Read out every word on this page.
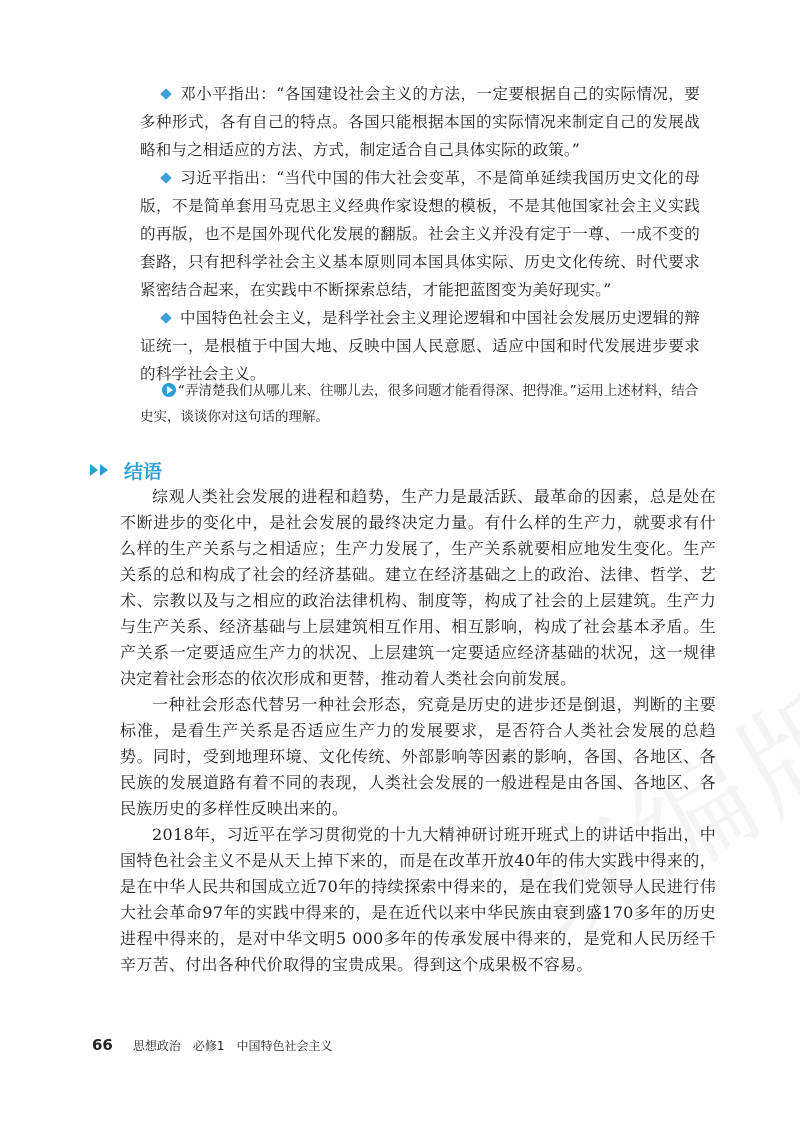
邓小平指出：“各国建设社会主义的方法，一定要根据自己的实际情况，要多种形式，各有自己的特点。各国只能根据本国的实际情况来制定自己的发展战略和与之相适应的方法、方式，制定适合自己具体实际的政策。”

习近平指出：“当代中国的伟大社会变革，不是简单延续我国历史文化的母版，不是简单套用马克思主义经典作家设想的模板，不是其他国家社会主义实践的再版，也不是国外现代化发展的翻版。社会主义并没有定于一尊、一成不变的套路，只有把科学社会主义基本原则同本国具体实际、历史文化传统、时代要求紧密结合起来，在实践中不断探索总结，才能把蓝图变为美好现实。”

中国特色社会主义，是科学社会主义理论逻辑和中国社会发展历史逻辑的辩证统一，是根植于中国大地、反映中国人民意愿、适应中国和时代发展进步要求的科学社会主义。

“弄清楚我们从哪儿来、往哪儿去，很多问题才能看得深、把得准。”运用上述材料，结合史实，谈谈你对这句话的理解。
结语

综观人类社会发展的进程和趋势，生产力是最活跃、最革命的因素，总是处在不断进步的变化中，是社会发展的最终决定力量。有什么样的生产力，就要求有什么样的生产关系与之相适应；生产力发展了，生产关系就要相应地发生变化。生产关系的总和构成了社会的经济基础。建立在经济基础之上的政治、法律、哲学、艺术、宗教以及与之相应的政治法律机构、制度等，构成了社会的上层建筑。生产力与生产关系、经济基础与上层建筑相互作用、相互影响，构成了社会基本矛盾。生产关系一定要适应生产力的状况、上层建筑一定要适应经济基础的状况，这一规律决定着社会形态的依次形成和更替，推动着人类社会向前发展。

一种社会形态代替另一种社会形态，究竟是历史的进步还是倒退，判断的主要标准，是看生产关系是否适应生产力的发展要求，是否符合人类社会发展的总趋势。同时，受到地理环境、文化传统、外部影响等因素的影响，各国、各地区、各民族的发展道路有着不同的表现，人类社会发展的一般进程是由各国、各地区、各民族历史的多样性反映出来的。

2018年，习近平在学习贯彻党的十九大精神研讨班开班式上的讲话中指出，中国特色社会主义不是从天上掉下来的，而是在改革开放40年的伟大实践中得来的，是在中华人民共和国成立近70年的持续探索中得来的，是在我们党领导人民进行伟大社会革命97年的实践中得来的，是在近代以来中华民族由衰到盛170多年的历史进程中得来的，是对中华文明5 000多年的传承发展中得来的，是党和人民历经千辛万苦、付出各种代价取得的宝贵成果。得到这个成果极不容易。

66 思想政治　必修1　中国特色社会主义
